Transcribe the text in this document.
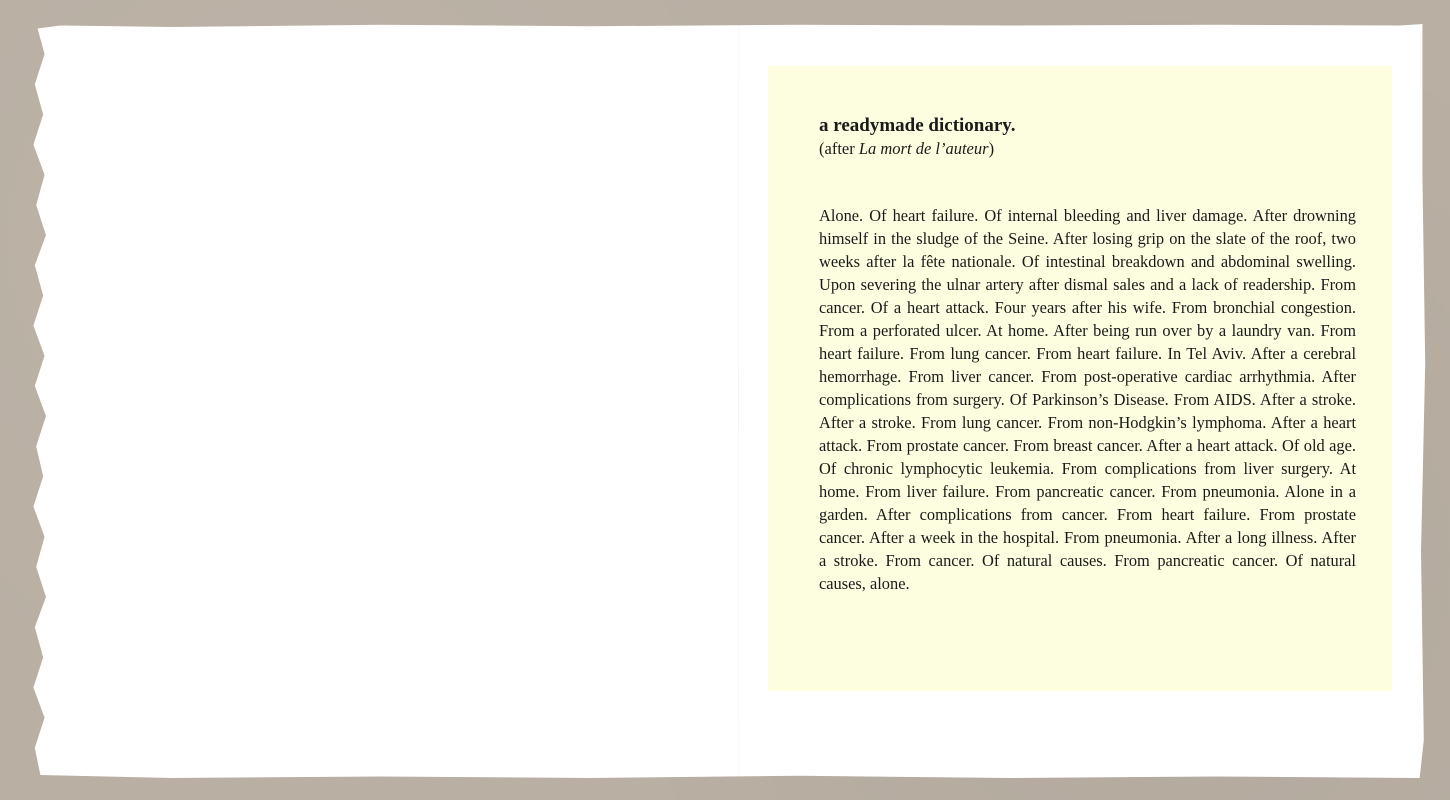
a readymade dictionary.

(after La mort de l’auteur)

Alone. Of heart failure. Of internal bleeding and liver damage. After drowning himself in the sludge of the Seine. After losing grip on the slate of the roof, two weeks after la fête nationale. Of intestinal breakdown and abdominal swelling. Upon severing the ulnar artery after dismal sales and a lack of readership. From cancer. Of a heart attack. Four years after his wife. From bronchial congestion. From a perforated ulcer. At home. After being run over by a laundry van. From heart failure. From lung cancer. From heart failure. In Tel Aviv. After a cerebral hemorrhage. From liver cancer. From post-operative cardiac arrhythmia. After complications from surgery. Of Parkinson’s Disease. From AIDS. After a stroke. After a stroke. From lung cancer. From non-Hodgkin’s lymphoma. After a heart attack. From prostate cancer. From breast cancer. After a heart attack. Of old age. Of chronic lymphocytic leukemia. From complications from liver surgery. At home. From liver failure. From pancreatic cancer. From pneumonia. Alone in a garden. After complications from cancer. From heart failure. From prostate cancer. After a week in the hospital. From pneumonia. After a long illness. After a stroke. From cancer. Of natural causes. From pancreatic cancer. Of natural causes, alone.
